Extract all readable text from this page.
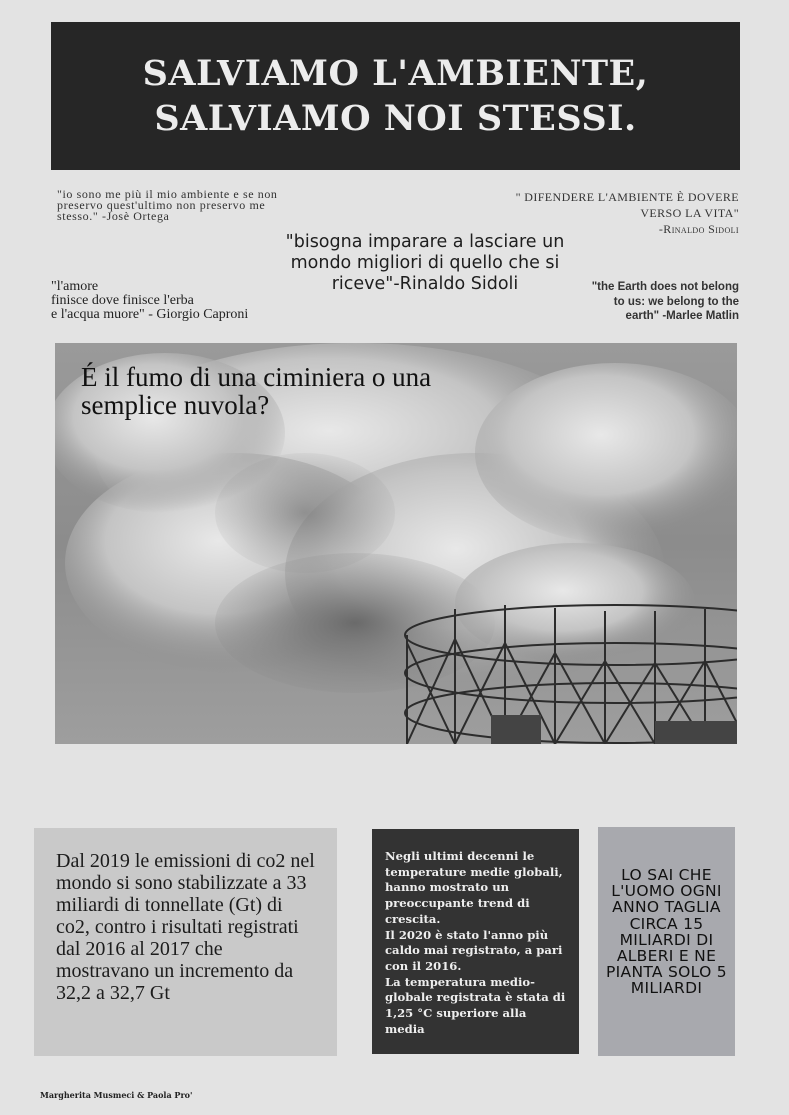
SALVIAMO L'AMBIENTE,
SALVIAMO NOI STESSI.
"io sono me più il mio ambiente e se non preservo quest'ultimo non preservo me stesso." -Josè Ortega
" DIFENDERE L'AMBIENTE È DOVERE
VERSO LA VITA"
-Rinaldo Sidoli
"bisogna imparare a lasciare un mondo migliori di quello che si riceve"-Rinaldo Sidoli
"l'amore
finisce dove finisce l'erba
e l'acqua muore" - Giorgio Caproni
"the Earth does not belong to us: we belong to the earth" -Marlee Matlin
É il fumo di una ciminiera o una semplice nuvola?
Dal 2019 le emissioni di co2 nel mondo si sono stabilizzate a 33 miliardi di tonnellate (Gt) di co2, contro i risultati registrati dal 2016 al 2017 che mostravano un incremento da 32,2 a 32,7 Gt
Negli ultimi decenni le temperature medie globali, hanno mostrato un preoccupante trend di crescita.
Il 2020 è stato l'anno più caldo mai registrato, a pari con il 2016.
La temperatura medio-globale registrata è stata di 1,25 °C superiore alla media
LO SAI CHE L'UOMO OGNI ANNO TAGLIA CIRCA 15 MILIARDI DI ALBERI E NE PIANTA SOLO 5 MILIARDI
Margherita Musmeci & Paola Pro'
